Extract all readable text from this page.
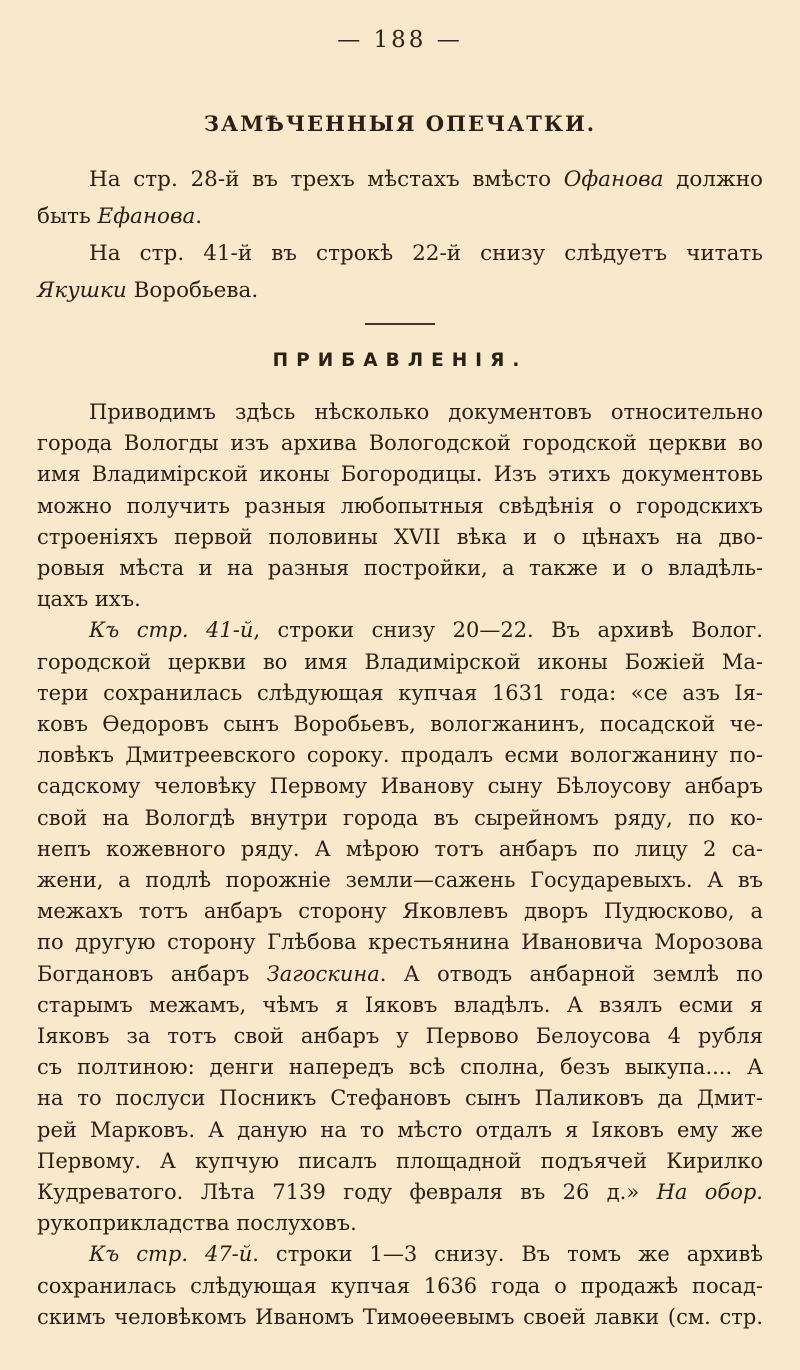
— 188 —
ЗАМѢЧЕННЫЯ ОПЕЧАТКИ.
На стр. 28-й въ трехъ мѣстахъ вмѣсто Офанова должно
быть Ефанова.
На стр. 41-й въ строкѣ 22-й снизу слѣдуетъ читать
Якушки Воробьева.
ПРИБАВЛЕНІЯ.
Приводимъ здѣсь нѣсколько документовъ относительно
города Вологды изъ архива Вологодской городской церкви во
имя Владимірской иконы Богородицы. Изъ этихъ документовь
можно получить разныя любопытныя свѣдѣнія о городскихъ
строеніяхъ первой половины XVII вѣка и о цѣнахъ на дво-
ровыя мѣста и на разныя постройки, а также и о владѣль-
цахъ ихъ.
Къ стр. 41-й, строки снизу 20—22. Въ архивѣ Волог.
городской церкви во имя Владимірской иконы Божіей Ма-
тери сохранилась слѣдующая купчая 1631 года: «се азъ Ія-
ковъ Ѳедоровъ сынъ Воробьевъ, вологжанинъ, посадской че-
ловѣкъ Дмитреевского сороку. продалъ есми вологжанину по-
садскому человѣку Первому Иванову сыну Бѣлоусову анбаръ
свой на Вологдѣ внутри города въ сырейномъ ряду, по ко-
непъ кожевного ряду. А мѣрою тотъ анбаръ по лицу 2 са-
жени, а подлѣ порожніе земли—сажень Государевыхъ. А въ
межахъ тотъ анбаръ сторону Яковлевъ дворъ Пудюсково, а
по другую сторону Глѣбова крестьянина Ивановича Морозова
Богдановъ анбаръ Загоскина. А отводъ анбарной землѣ по
старымъ межамъ, чѣмъ я Іяковъ владѣлъ. А взялъ есми я
Іяковъ за тотъ свой анбаръ у Первово Белоусова 4 рубля
съ полтиною: денги напередъ всѣ сполна, безъ выкупа.... А
на то послуси Посникъ Стефановъ сынъ Паликовъ да Дмит-
рей Марковъ. А даную на то мѣсто отдалъ я Іяковъ ему же
Первому. А купчую писалъ площадной подъячей Кирилко
Кудреватого. Лѣта 7139 году февраля въ 26 д.» На обор.
рукоприкладства послуховъ.
Къ стр. 47-й. строки 1—3 снизу. Въ томъ же архивѣ
сохранилась слѣдующая купчая 1636 года о продажѣ посад-
скимъ человѣкомъ Иваномъ Тимоѳеевымъ своей лавки (см. стр.
